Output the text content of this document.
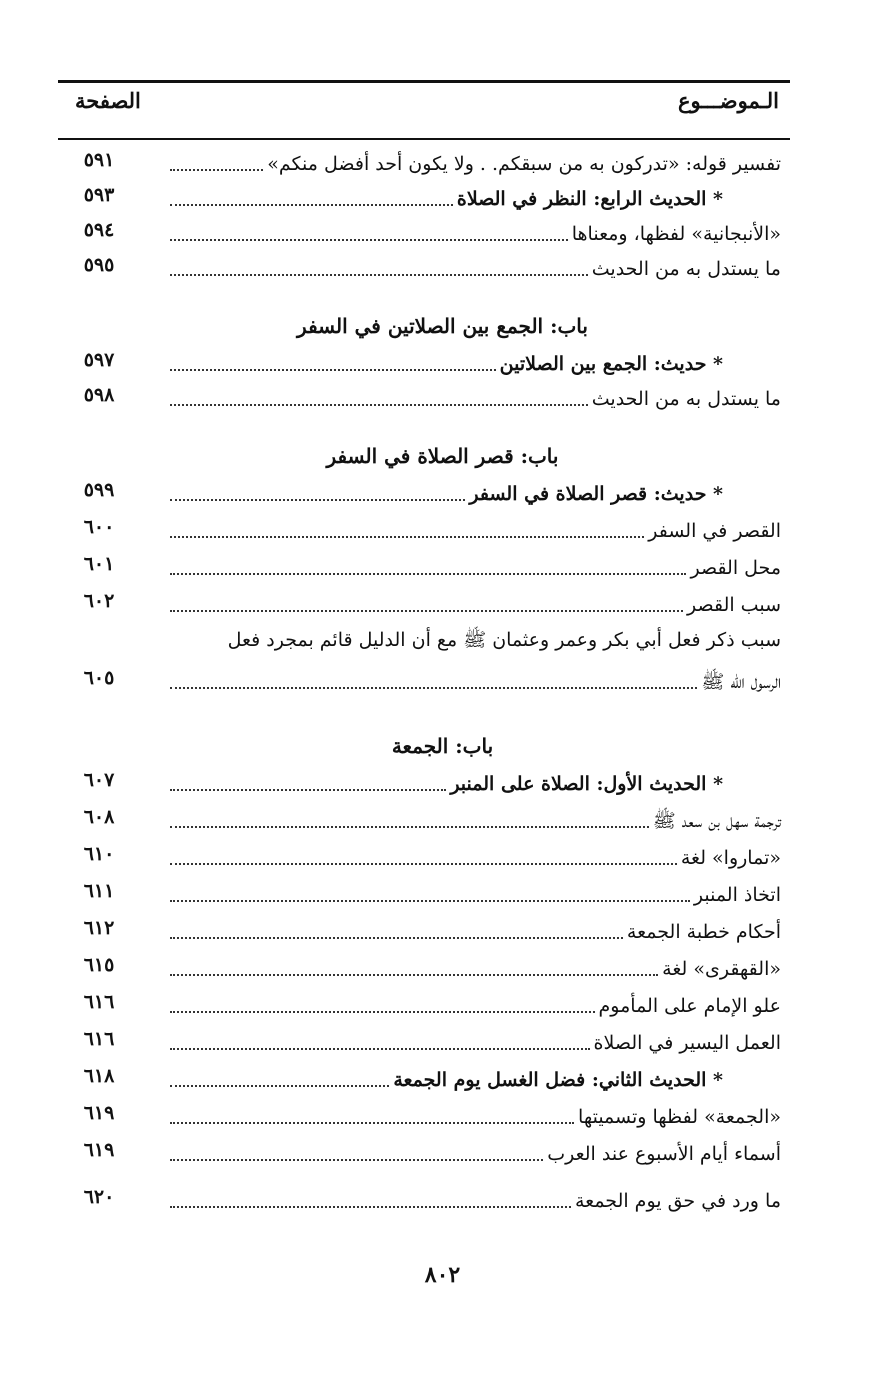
الـموضـــوع
الصفحة
تفسير قوله: «تدركون به من سبقكم. . ولا يكون أحد أفضل منكم»
٥٩١
* الحديث الرابع: النظر في الصلاة
٥٩٣
«الأنبجانية» لفظها، ومعناها
٥٩٤
ما يستدل به من الحديث
٥٩٥
باب: الجمع بين الصلاتين في السفر
* حديث: الجمع بين الصلاتين
٥٩٧
ما يستدل به من الحديث
٥٩٨
باب: قصر الصلاة في السفر
* حديث: قصر الصلاة في السفر
٥٩٩
القصر في السفر
٦٠٠
محل القصر
٦٠١
سبب القصر
٦٠٢
سبب ذكر فعل أبي بكر وعمر وعثمان ﷺ مع أن الدليل قائم بمجرد فعل
الرسول الله ﷺ
٦٠٥
باب: الجمعة
* الحديث الأول: الصلاة على المنبر
٦٠٧
ترجمة سهل بن سعد ﷺ
٦٠٨
«تماروا» لغة
٦١٠
اتخاذ المنبر
٦١١
أحكام خطبة الجمعة
٦١٢
«القهقرى» لغة
٦١٥
علو الإمام على المأموم
٦١٦
العمل اليسير في الصلاة
٦١٦
* الحديث الثاني: فضل الغسل يوم الجمعة
٦١٨
«الجمعة» لفظها وتسميتها
٦١٩
أسماء أيام الأسبوع عند العرب
٦١٩
ما ورد في حق يوم الجمعة
٦٢٠
٨٠٢
